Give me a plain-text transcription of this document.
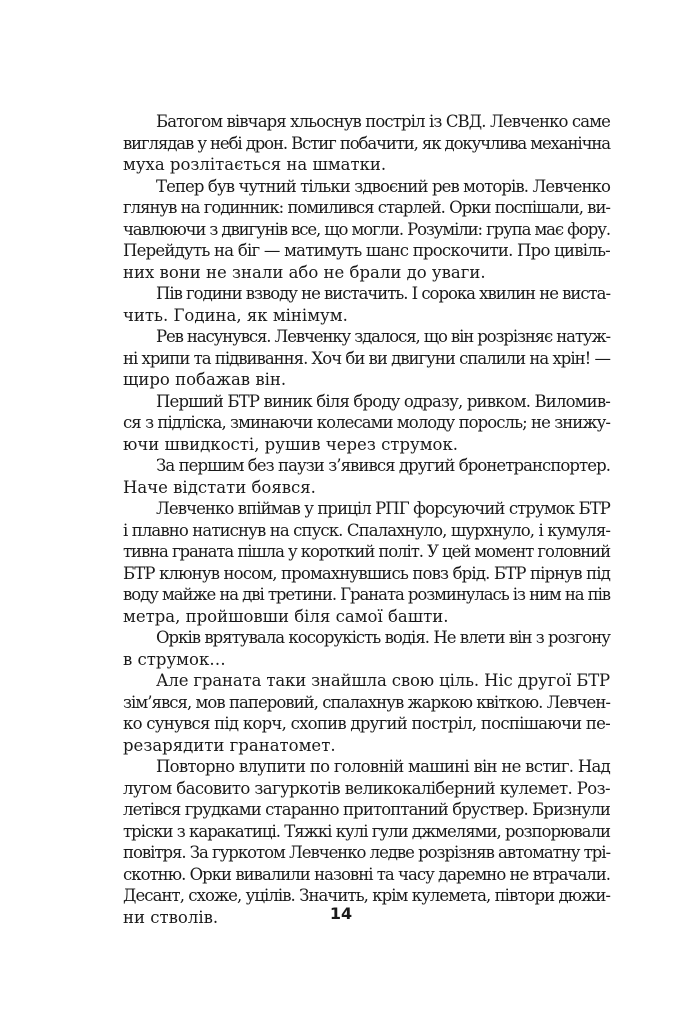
Батогом вівчаря хльоснув постріл із СВД. Левченко саме
виглядав у небі дрон. Встиг побачити, як докучлива механічна
муха розлітається на шматки.
Тепер був чутний тільки здвоєний рев моторів. Левченко
глянув на годинник: помилився старлей. Орки поспішали, ви-
чавлюючи з двигунів все, що могли. Розуміли: група має фору.
Перейдуть на біг — матимуть шанс проскочити. Про цивіль-
них вони не знали або не брали до уваги.
Пів години взводу не вистачить. І сорока хвилин не виста-
чить. Година, як мінімум.
Рев насунувся. Левченку здалося, що він розрізняє натуж-
ні хрипи та підвивання. Хоч би ви двигуни спалили на хрін! —
щиро побажав він.
Перший БТР виник біля броду одразу, ривком. Виломив-
ся з підліска, зминаючи колесами молоду поросль; не знижу-
ючи швидкості, рушив через струмок.
За першим без паузи з’явився другий бронетранспортер.
Наче відстати боявся.
Левченко впіймав у приціл РПГ форсуючий струмок БТР
і плавно натиснув на спуск. Спалахнуло, шурхнуло, і кумуля-
тивна граната пішла у короткий політ. У цей момент головний
БТР клюнув носом, промахнувшись повз брід. БТР пірнув під
воду майже на дві третини. Граната розминулась із ним на пів
метра, пройшовши біля самої башти.
Орків врятувала косорукість водія. Не влети він з розгону
в струмок…
Але граната таки знайшла свою ціль. Ніс другої БТР
зім’явся, мов паперовий, спалахнув жаркою квіткою. Левчен-
ко сунувся під корч, схопив другий постріл, поспішаючи пе-
резарядити гранатомет.
Повторно влупити по головній машині він не встиг. Над
лугом басовито загуркотів великокаліберний кулемет. Роз-
летівся грудками старанно притоптаний бруствер. Бризнули
тріски з каракатиці. Тяжкі кулі гули джмелями, розпорювали
повітря. За гуркотом Левченко ледве розрізняв автоматну трі-
скотню. Орки вивалили назовні та часу даремно не втрачали.
Десант, схоже, уцілів. Значить, крім кулемета, півтори дюжи-
ни стволів.	14
